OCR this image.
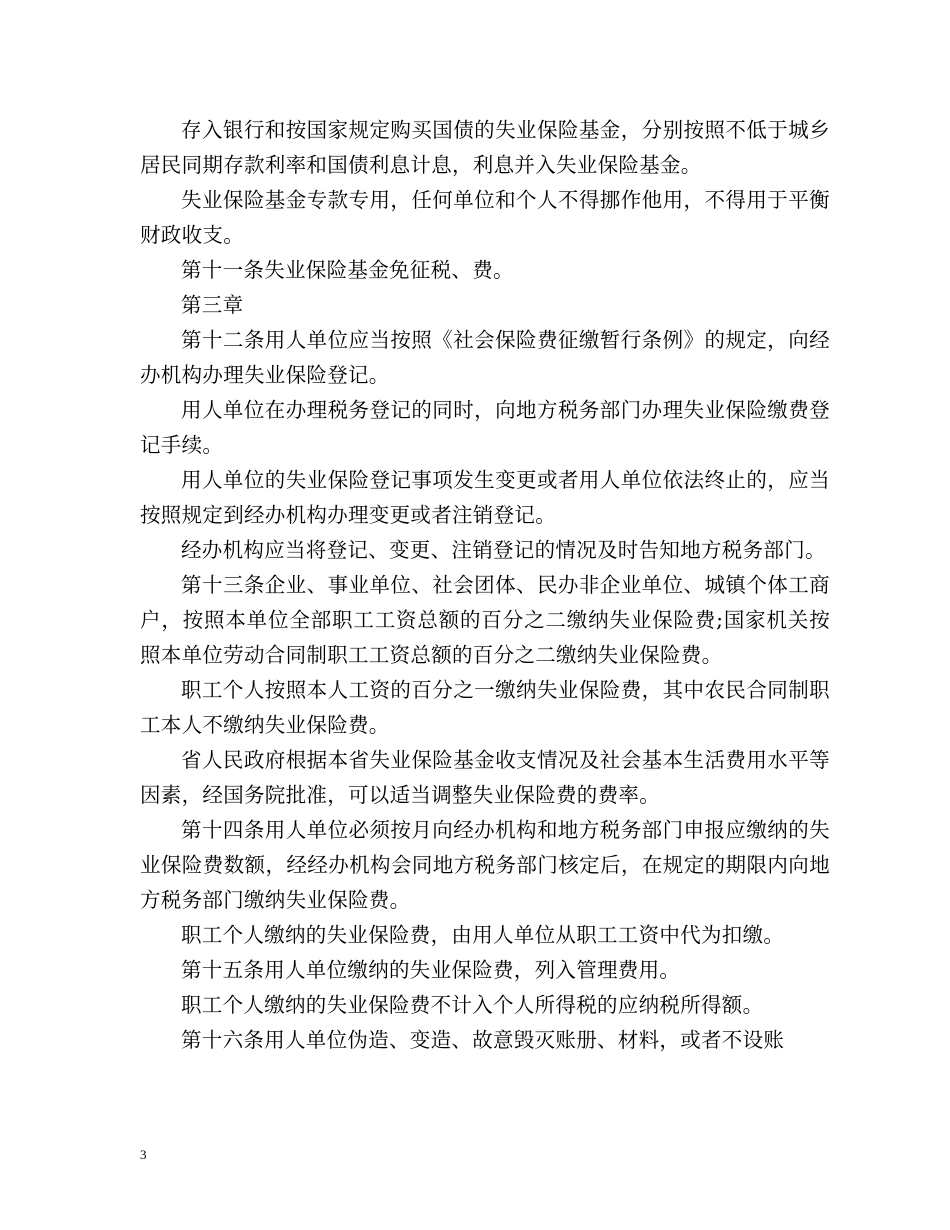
存入银行和按国家规定购买国债的失业保险基金，分别按照不低于城乡居民同期存款利率和国债利息计息，利息并入失业保险基金。

失业保险基金专款专用，任何单位和个人不得挪作他用，不得用于平衡财政收支。

第十一条失业保险基金免征税、费。

第三章

第十二条用人单位应当按照《社会保险费征缴暂行条例》的规定，向经办机构办理失业保险登记。

用人单位在办理税务登记的同时，向地方税务部门办理失业保险缴费登记手续。

用人单位的失业保险登记事项发生变更或者用人单位依法终止的，应当按照规定到经办机构办理变更或者注销登记。

经办机构应当将登记、变更、注销登记的情况及时告知地方税务部门。

第十三条企业、事业单位、社会团体、民办非企业单位、城镇个体工商户，按照本单位全部职工工资总额的百分之二缴纳失业保险费;国家机关按照本单位劳动合同制职工工资总额的百分之二缴纳失业保险费。

职工个人按照本人工资的百分之一缴纳失业保险费，其中农民合同制职工本人不缴纳失业保险费。

省人民政府根据本省失业保险基金收支情况及社会基本生活费用水平等因素，经国务院批准，可以适当调整失业保险费的费率。

第十四条用人单位必须按月向经办机构和地方税务部门申报应缴纳的失业保险费数额，经经办机构会同地方税务部门核定后，在规定的期限内向地方税务部门缴纳失业保险费。

职工个人缴纳的失业保险费，由用人单位从职工工资中代为扣缴。

第十五条用人单位缴纳的失业保险费，列入管理费用。

职工个人缴纳的失业保险费不计入个人所得税的应纳税所得额。

第十六条用人单位伪造、变造、故意毁灭账册、材料，或者不设账

3
